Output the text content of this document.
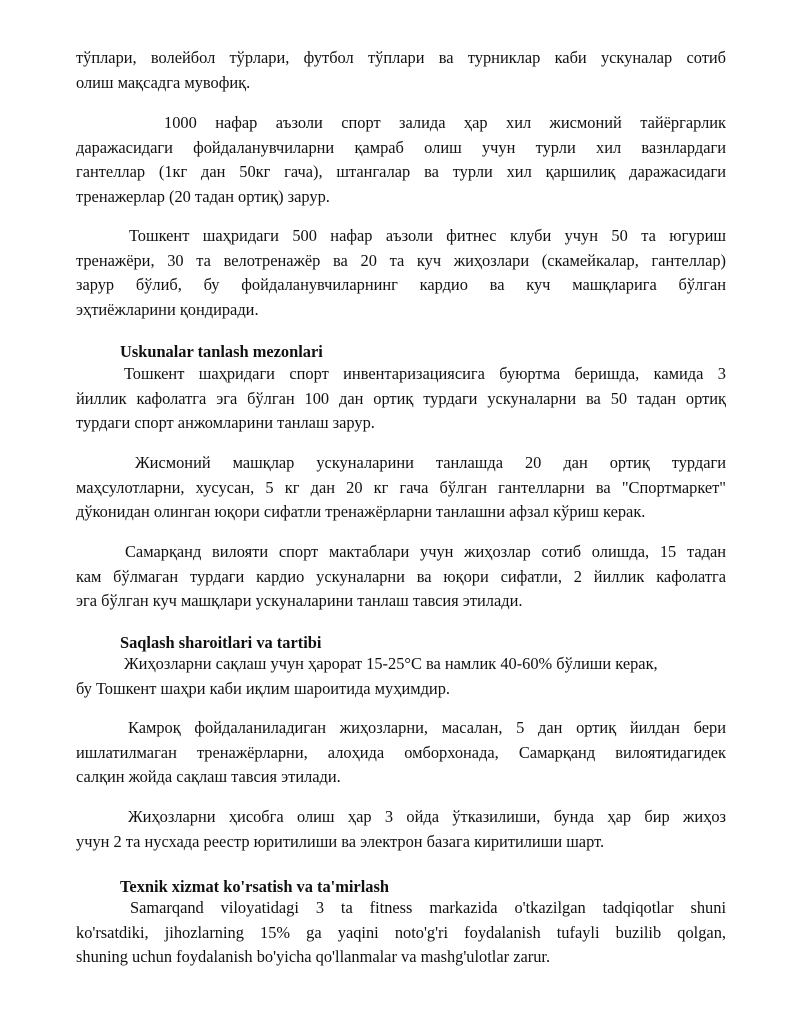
тўплари, волейбол тўрлари, футбол тўплари ва турниклар каби ускуналар сотиб
олиш мақсадга мувофиқ.
1000 нафар аъзоли спорт залида ҳар хил жисмоний тайёргарлик
даражасидаги фойдаланувчиларни қамраб олиш учун турли хил вазнлардаги
гантеллар (1кг дан 50кг гача), штангалар ва турли хил қаршилиқ даражасидаги
тренажерлар (20 тадан ортиқ) зарур.
Тошкент шаҳридаги 500 нафар аъзоли фитнес клуби учун 50 та югуриш
тренажёри, 30 та велотренажёр ва 20 та куч жиҳозлари (скамейкалар, гантеллар)
зарур бўлиб, бу фойдаланувчиларнинг кардио ва куч машқларига бўлган
эҳтиёжларини қондиради.
Uskunalar tanlash mezonlari
Тошкент шаҳридаги спорт инвентаризациясига буюртма беришда, камида 3
йиллик кафолатга эга бўлган 100 дан ортиқ турдаги ускуналарни ва 50 тадан ортиқ
турдаги спорт анжомларини танлаш зарур.
Жисмоний машқлар ускуналарини танлашда 20 дан ортиқ турдаги
маҳсулотларни, хусусан, 5 кг дан 20 кг гача бўлган гантелларни ва "Спортмаркет"
дўконидан олинган юқори сифатли тренажёрларни танлашни афзал кўриш керак.
Самарқанд вилояти спорт мактаблари учун жиҳозлар сотиб олишда, 15 тадан
кам бўлмаган турдаги кардио ускуналарни ва юқори сифатли, 2 йиллик кафолатга
эга бўлган куч машқлари ускуналарини танлаш тавсия этилади.
Saqlash sharoitlari va tartibi
Жиҳозларни сақлаш учун ҳарорат 15-25°C ва намлик 40-60% бўлиши керак,
бу Тошкент шаҳри каби иқлим шароитида муҳимдир.
Камроқ фойдаланиладиган жиҳозларни, масалан, 5 дан ортиқ йилдан бери
ишлатилмаган тренажёрларни, алоҳида омборхонада, Самарқанд вилоятидагидек
салқин жойда сақлаш тавсия этилади.
Жиҳозларни ҳисобга олиш ҳар 3 ойда ўтказилиши, бунда ҳар бир жиҳоз
учун 2 та нусхада реестр юритилиши ва электрон базага киритилиши шарт.
Texnik xizmat ko'rsatish va ta'mirlash
Samarqand viloyatidagi 3 ta fitness markazida o'tkazilgan tadqiqotlar shuni
ko'rsatdiki, jihozlarning 15% ga yaqini noto'g'ri foydalanish tufayli buzilib qolgan,
shuning uchun foydalanish bo'yicha qo'llanmalar va mashg'ulotlar zarur.
